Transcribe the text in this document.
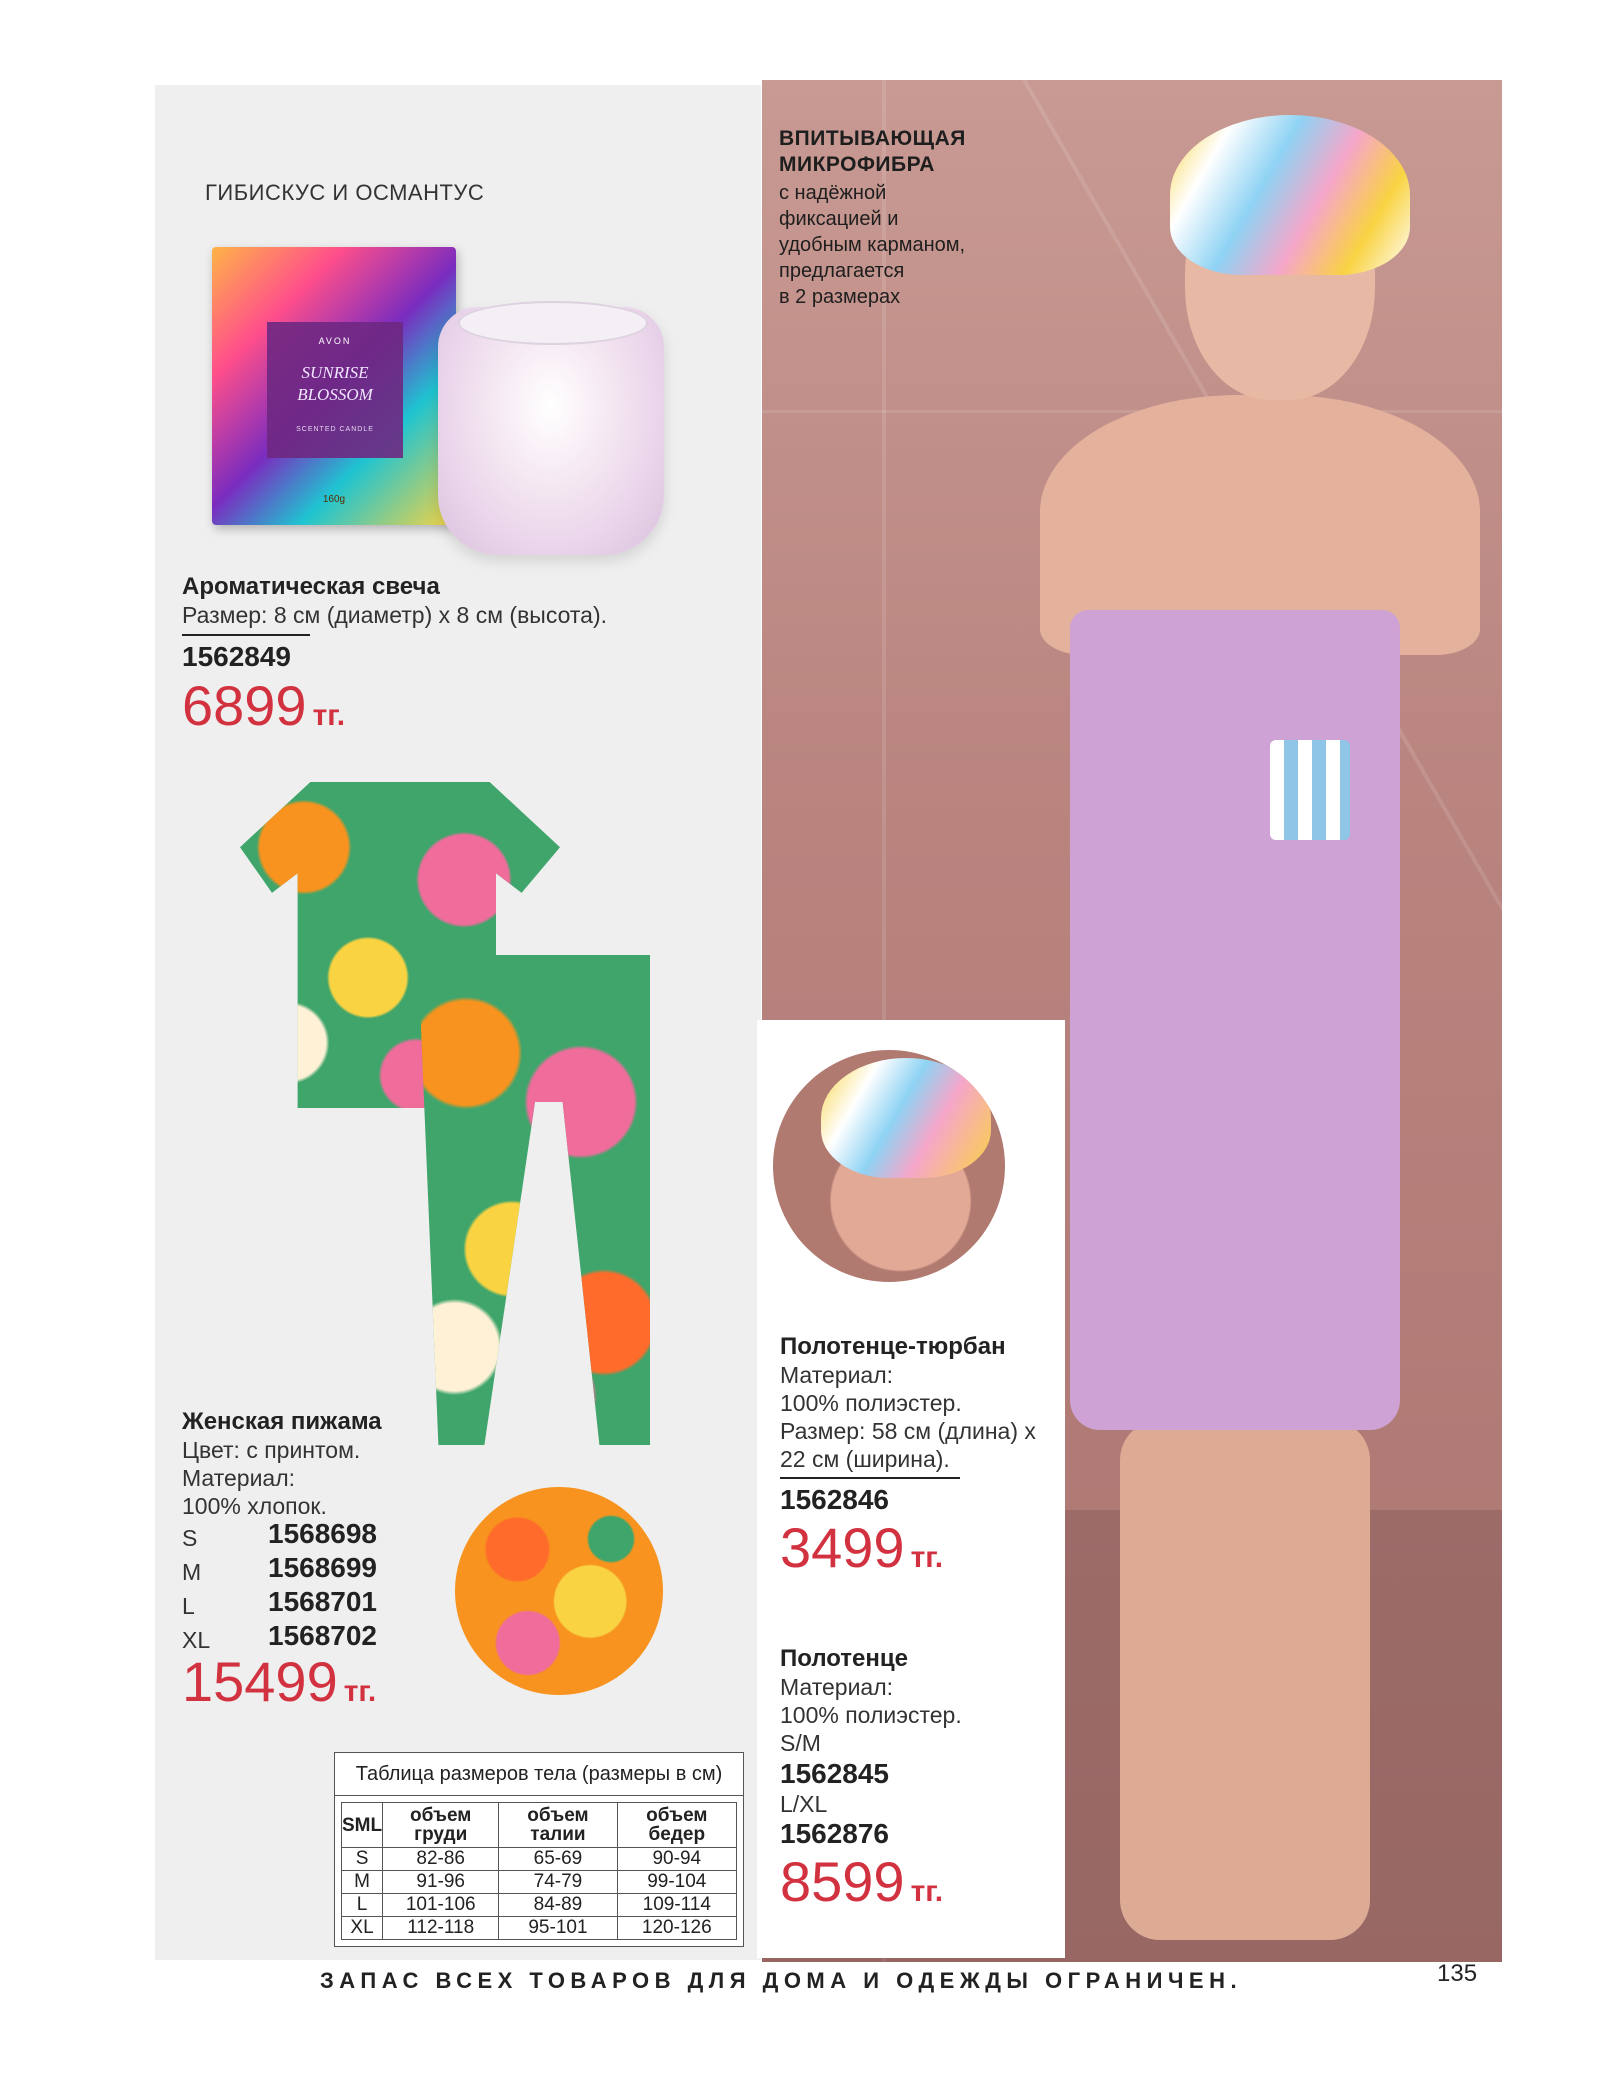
ГИБИСКУС И ОСМАНТУС
AVON
SUNRISE BLOSSOM
SCENTED CANDLE
160g
Ароматическая свеча
Размер: 8 см (диаметр) х 8 см (высота).
1562849
6899 тг.
Женская пижама
Цвет: с принтом.
Материал:
100% хлопок.
S	1568698
M 1568699
L	1568701
XL 1568702
15499 тг.
Таблица размеров тела (размеры в см)
SML	объем груди	объем талии	объем бедер
S	82-86	65-69	90-94
M	91-96	74-79	99-104
L	101-106	84-89	109-114
XL	112-118	95-101	120-126
ВПИТЫВАЮЩАЯ
МИКРОФИБРА
с надёжной
фиксацией и
удобным карманом,
предлагается
в 2 размерах
Полотенце-тюрбан
Материал:
100% полиэстер.
Размер: 58 см (длина) х
22 см (ширина).
1562846
3499 тг.
Полотенце
Материал:
100% полиэстер.
S/M
1562845
L/XL
1562876
8599 тг.
ЗАПАС ВСЕХ ТОВАРОВ ДЛЯ ДОМА И ОДЕЖДЫ ОГРАНИЧЕН.	135
